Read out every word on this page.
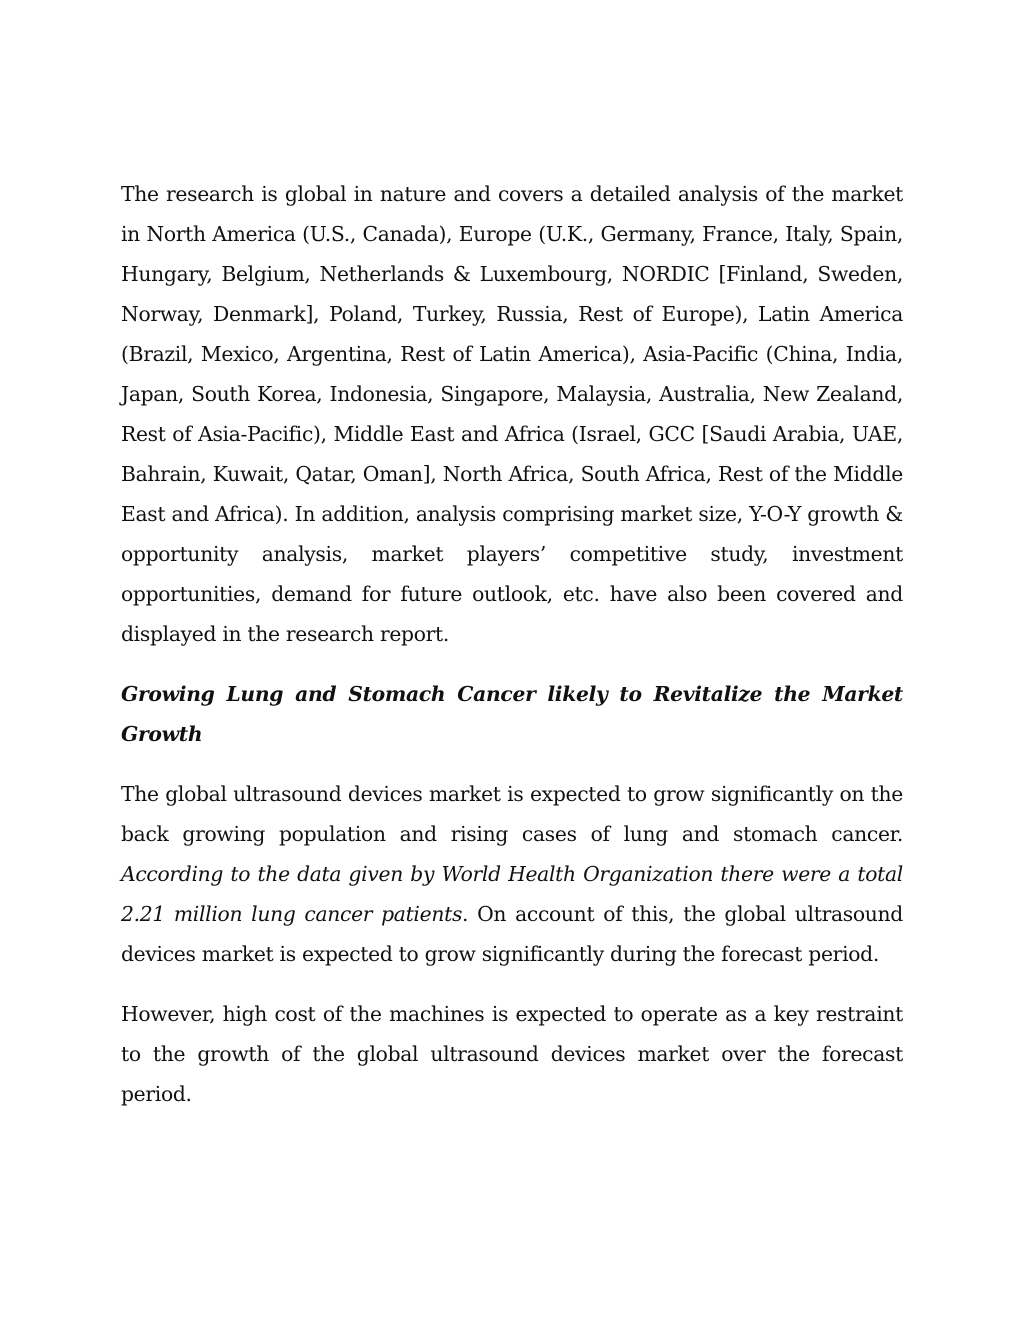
The research is global in nature and covers a detailed analysis of the market in North America (U.S., Canada), Europe (U.K., Germany, France, Italy, Spain, Hungary, Belgium, Netherlands & Luxembourg, NORDIC [Finland, Sweden, Norway, Denmark], Poland, Turkey, Russia, Rest of Europe), Latin America (Brazil, Mexico, Argentina, Rest of Latin America), Asia-Pacific (China, India, Japan, South Korea, Indonesia, Singapore, Malaysia, Australia, New Zealand, Rest of Asia-Pacific), Middle East and Africa (Israel, GCC [Saudi Arabia, UAE, Bahrain, Kuwait, Qatar, Oman], North Africa, South Africa, Rest of the Middle East and Africa). In addition, analysis comprising market size, Y-O-Y growth & opportunity analysis, market players’ competitive study, investment opportunities, demand for future outlook, etc. have also been covered and displayed in the research report.

Growing Lung and Stomach Cancer likely to Revitalize the Market Growth

The global ultrasound devices market is expected to grow significantly on the back growing population and rising cases of lung and stomach cancer. According to the data given by World Health Organization there were a total 2.21 million lung cancer patients. On account of this, the global ultrasound devices market is expected to grow significantly during the forecast period.

However, high cost of the machines is expected to operate as a key restraint to the growth of the global ultrasound devices market over the forecast period.
